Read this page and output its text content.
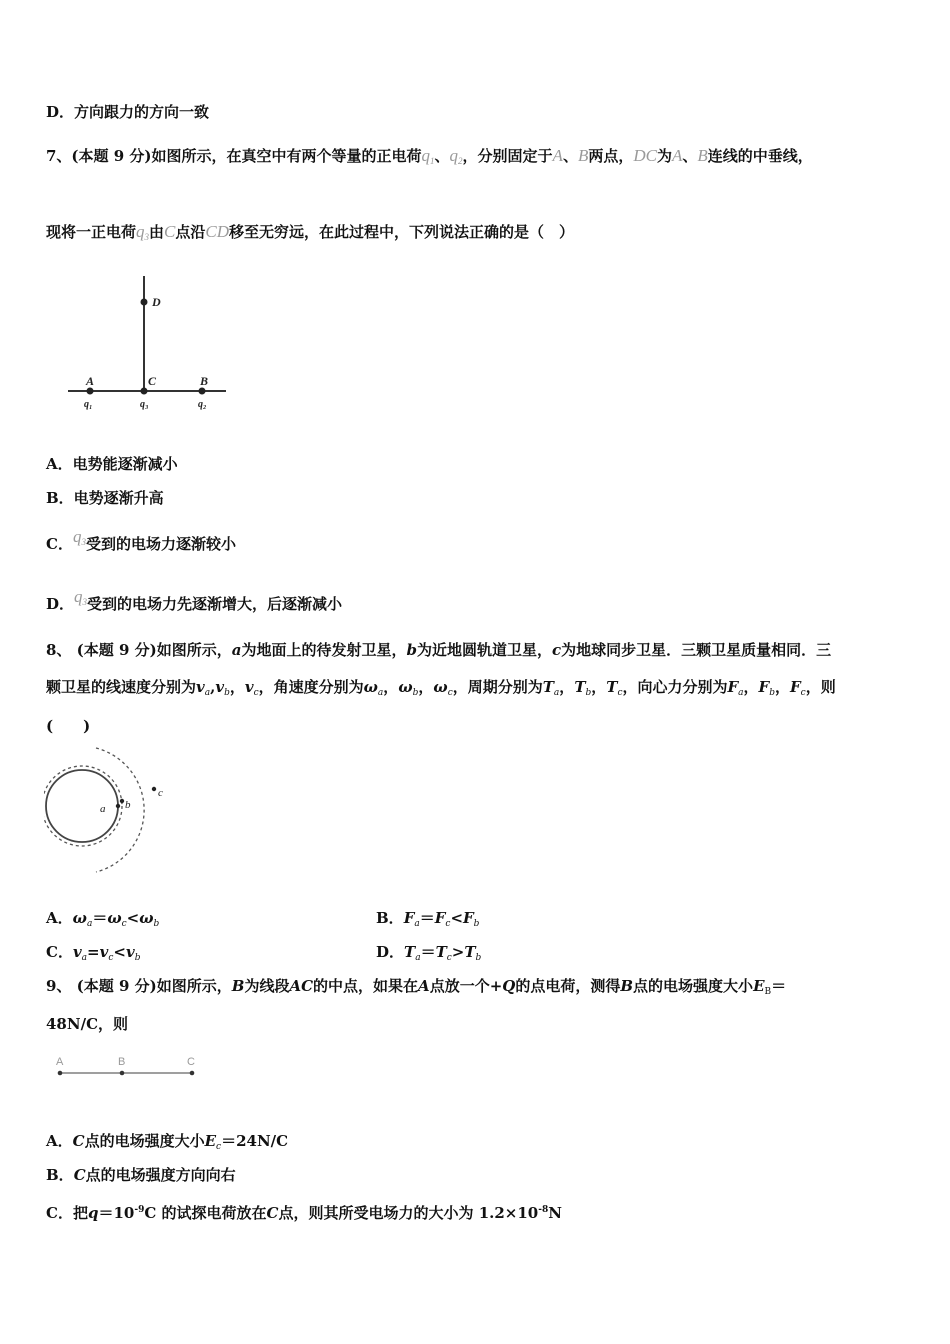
D．方向跟力的方向一致
7、(本题 9 分)如图所示，在真空中有两个等量的正电荷$q_1$、$q_2$，分别固定于A、B两点，DC为A、B连线的中垂线，
现将一正电荷$q_3$由C点沿CD移至无穷远，在此过程中，下列说法正确的是（　）
D
A	C	B
q₁	q₃	q₂
A．电势能逐渐减小
B．电势逐渐升高
C．$q_3$受到的电场力逐渐较小
D．$q_3$受到的电场力先逐渐增大，后逐渐减小
8、 (本题 9 分)如图所示，a为地面上的待发射卫星，b为近地圆轨道卫星，c为地球同步卫星．三颗卫星质量相同．三
颗卫星的线速度分别为$v_a,v_b$，$v_c$，角速度分别为$\omega_a$，$\omega_b$，$\omega_c$，周期分别为$T_a$，$T_b$，$T_c$，向心力分别为$F_a$，$F_b$，$F_c$，则
(　　)
a b
c
A．$\omega_a=\omega_c<\omega_b$	B．$F_a=F_c<F_b$
C．$v_a=v_c<v_b$	D．$T_a=T_c>T_b$
9、 (本题 9 分)如图所示，B为线段AC的中点，如果在A点放一个+Q的点电荷，测得B点的电场强度大小$E_B=$
48N/C，则
A	B	C
A．C点的电场强度大小$E_c=24N/C$
B．C点的电场强度方向向右
C．把$q=10^{-9}C$ 的试探电荷放在C点，则其所受电场力的大小为 $1.2\times 10^{-8}N$
